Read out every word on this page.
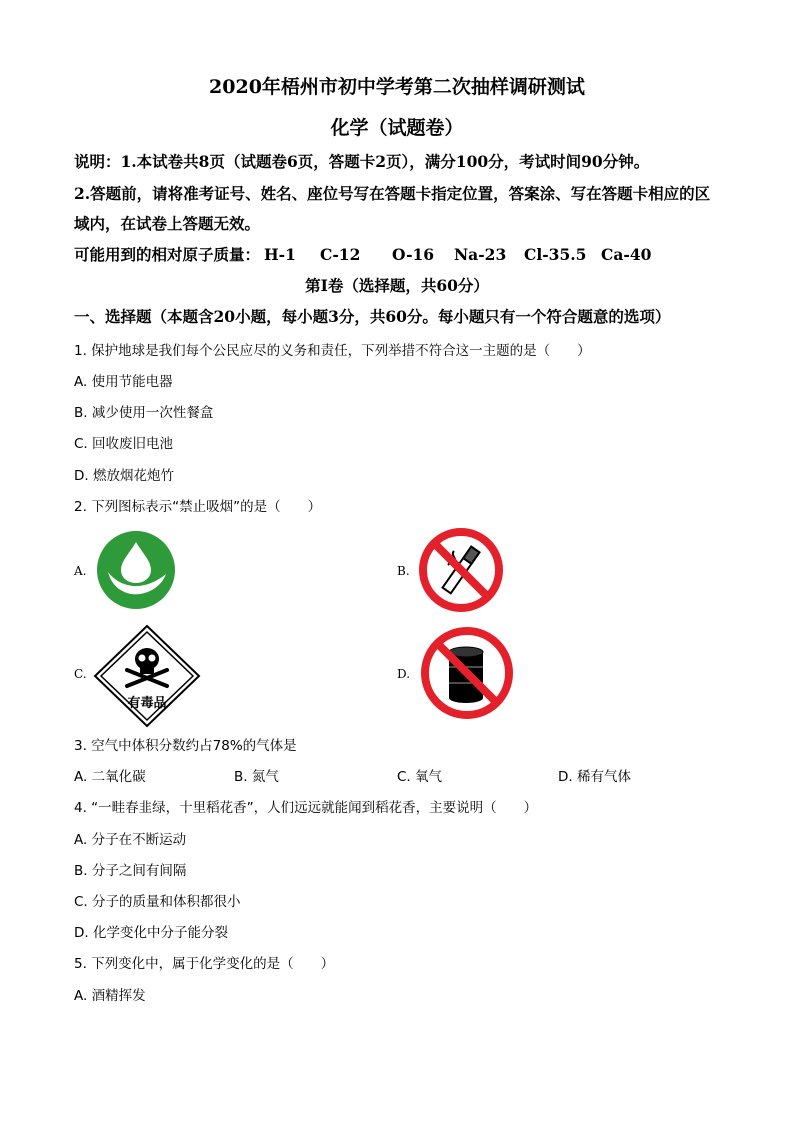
2020年梧州市初中学考第二次抽样调研测试
化学（试题卷）
说明：1.本试卷共8页（试题卷6页，答题卡2页），满分100分，考试时间90分钟。
2.答题前，请将准考证号、姓名、座位号写在答题卡指定位置，答案涂、写在答题卡相应的区
域内，在试卷上答题无效。
可能用到的相对原子质量： H-1 C-12 O-16 Na-23 Cl-35.5 Ca-40
第Ⅰ卷（选择题，共60分）
一、选择题（本题含20小题，每小题3分，共60分。每小题只有一个符合题意的选项）
1. 保护地球是我们每个公民应尽的义务和责任，下列举措不符合这一主题的是（　　）
A. 使用节能电器
B. 减少使用一次性餐盒
C. 回收废旧电池
D. 燃放烟花炮竹
2. 下列图标表示“禁止吸烟”的是（　　）
A.	B.
C.
有毒品
D.
3. 空气中体积分数约占78%的气体是
A. 二氧化碳	B. 氮气	C. 氧气	D. 稀有气体
4. “一畦春韭绿，十里稻花香”，人们远远就能闻到稻花香，主要说明（　　）
A. 分子在不断运动
B. 分子之间有间隔
C. 分子的质量和体积都很小
D. 化学变化中分子能分裂
5. 下列变化中，属于化学变化的是（　　）
A. 酒精挥发
